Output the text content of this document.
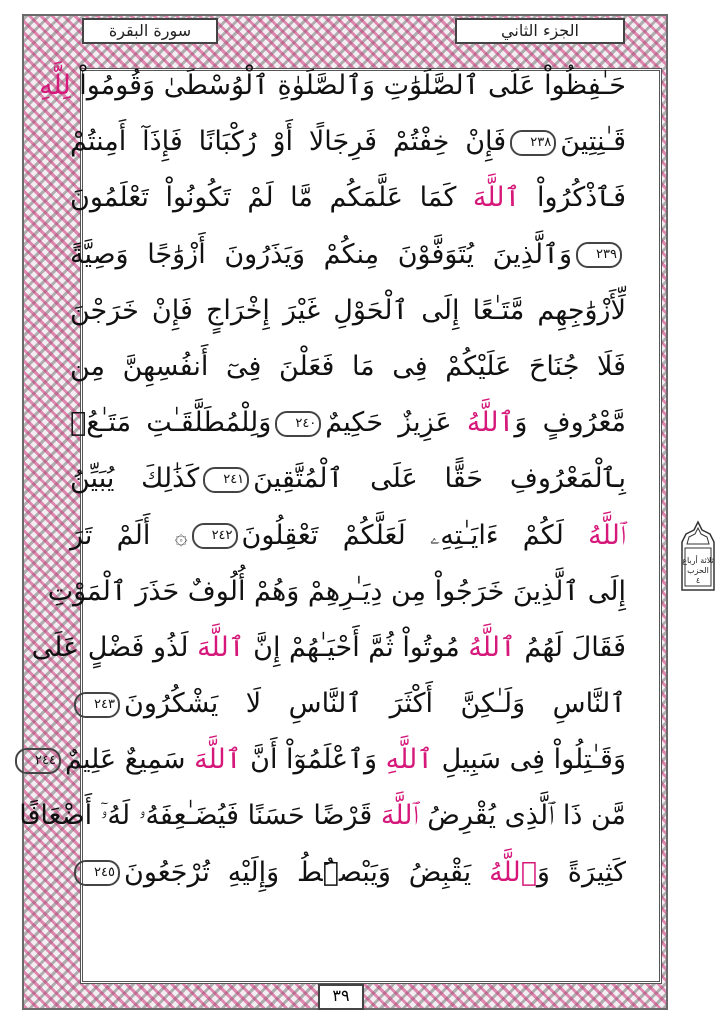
سورة البقرة	الجزء الثاني
حَـٰفِظُواْ عَلَى ٱلصَّلَوَٰتِ وَٱلصَّلَوٰةِ ٱلْوُسْطَىٰ وَقُومُواْ لِلَّهِ
قَـٰنِتِينَ٢٣٨فَإِنْ خِفْتُمْ فَرِجَالًا أَوْ رُكْبَانًا فَإِذَآ أَمِنتُمْ
فَٱذْكُرُواْ ٱللَّهَ كَمَا عَلَّمَكُم مَّا لَمْ تَكُونُواْ تَعْلَمُونَ
٢٣٩وَٱلَّذِينَ يُتَوَفَّوْنَ مِنكُمْ وَيَذَرُونَ أَزْوَٰجًا وَصِيَّةً
لِّأَزْوَٰجِهِم مَّتَـٰعًا إِلَى ٱلْحَوْلِ غَيْرَ إِخْرَاجٍ فَإِنْ خَرَجْنَ
فَلَا جُنَاحَ عَلَيْكُمْ فِى مَا فَعَلْنَ فِىٓ أَنفُسِهِنَّ مِن
مَّعْرُوفٍ وَٱللَّهُ عَزِيزٌ حَكِيمٌ٢٤٠وَلِلْمُطَلَّقَـٰتِ مَتَـٰعُۢ
بِٱلْمَعْرُوفِ حَقًّا عَلَى ٱلْمُتَّقِينَ٢٤١كَذَٰلِكَ يُبَيِّنُ
ٱللَّهُ لَكُمْ ءَايَـٰتِهِۦ لَعَلَّكُمْ تَعْقِلُونَ٢٤٢۞ أَلَمْ تَرَ
إِلَى ٱلَّذِينَ خَرَجُواْ مِن دِيَـٰرِهِمْ وَهُمْ أُلُوفٌ حَذَرَ ٱلْمَوْتِ
فَقَالَ لَهُمُ ٱللَّهُ مُوتُواْ ثُمَّ أَحْيَـٰهُمْ إِنَّ ٱللَّهَ لَذُو فَضْلٍ عَلَى
ٱلنَّاسِ وَلَـٰكِنَّ أَكْثَرَ ٱلنَّاسِ لَا يَشْكُرُونَ٢٤٣
وَقَـٰتِلُواْ فِى سَبِيلِ ٱللَّهِ وَٱعْلَمُوٓاْ أَنَّ ٱللَّهَ سَمِيعٌ عَلِيمٌ٢٤٤
مَّن ذَا ٱلَّذِى يُقْرِضُ ٱللَّهَ قَرْضًا حَسَنًا فَيُضَـٰعِفَهُۥ لَهُۥٓ أَضْعَافًا
كَثِيرَةً وَٱللَّهُ يَقْبِضُ وَيَبْصُۜطُ وَإِلَيْهِ تُرْجَعُونَ٢٤٥
ثلاثة أرباع
الحزب
٤
٣٩
